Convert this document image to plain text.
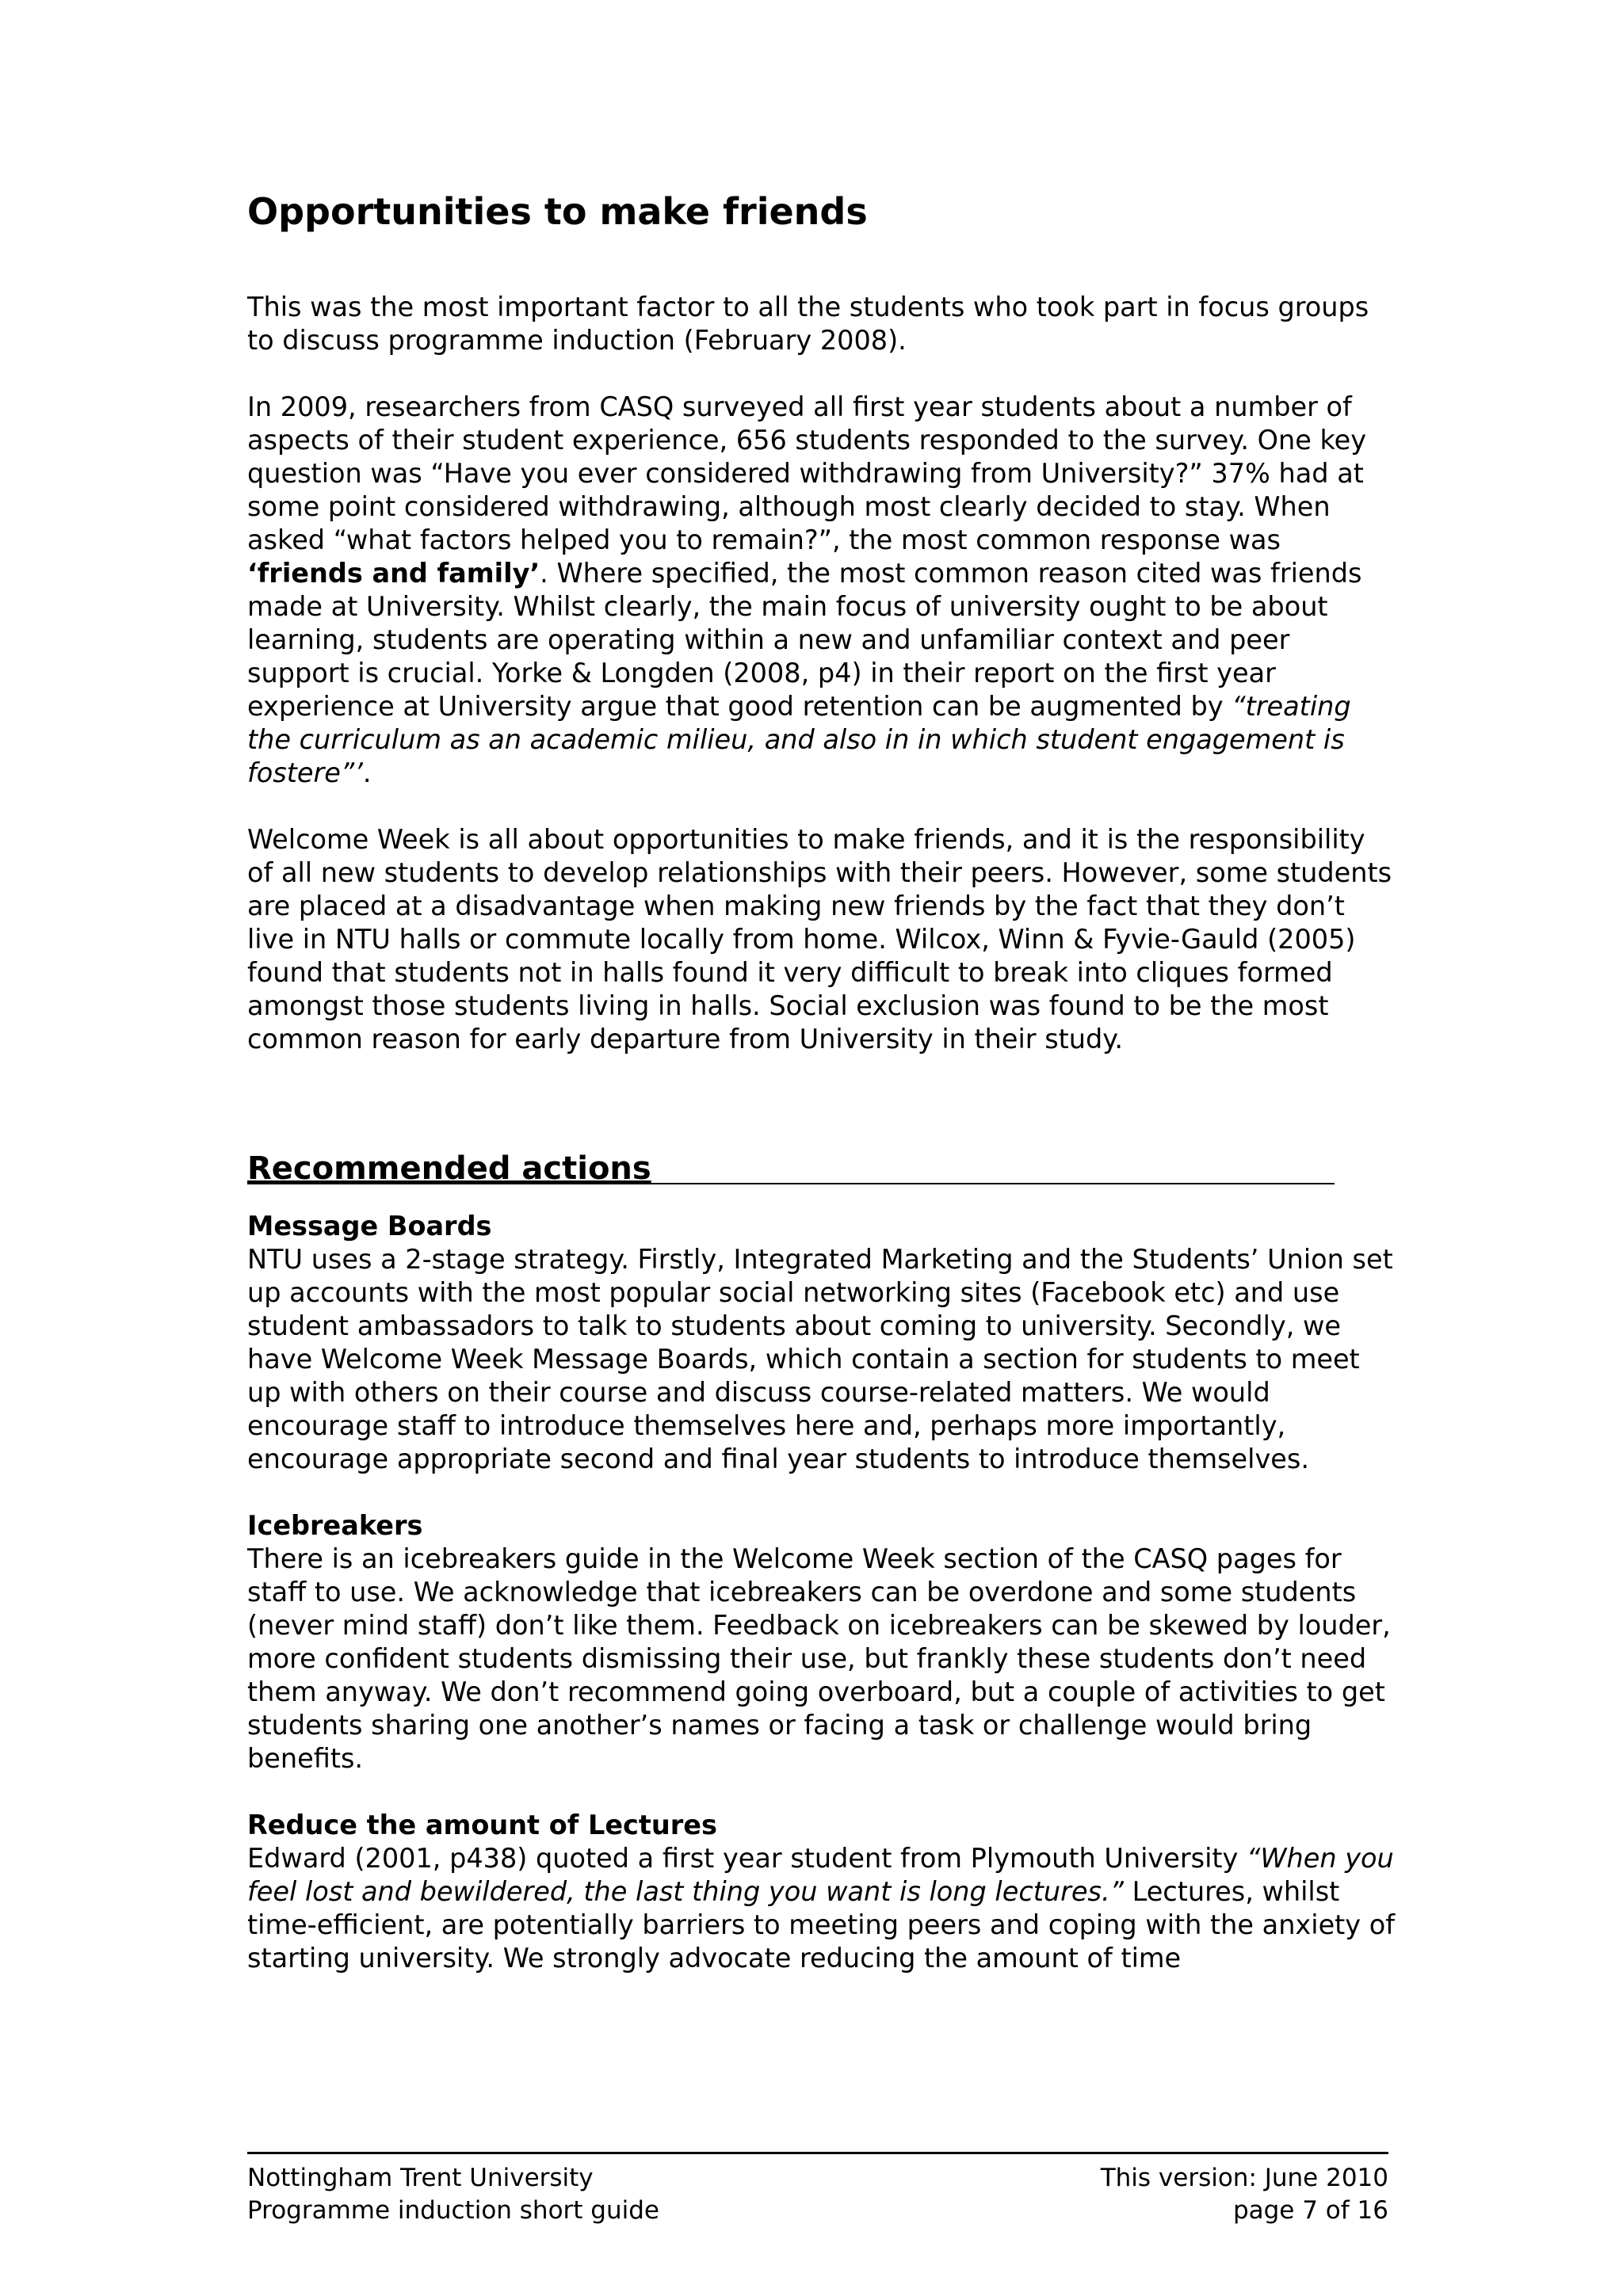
Opportunities to make friends

This was the most important factor to all the students who took part in focus groups to discuss programme induction (February 2008).

In 2009, researchers from CASQ surveyed all first year students about a number of aspects of their student experience, 656 students responded to the survey. One key question was “Have you ever considered withdrawing from University?” 37% had at some point considered withdrawing, although most clearly decided to stay. When asked “what factors helped you to remain?”, the most common response was ‘friends and family’. Where specified, the most common reason cited was friends made at University. Whilst clearly, the main focus of university ought to be about learning, students are operating within a new and unfamiliar context and peer support is crucial. Yorke & Longden (2008, p4) in their report on the first year experience at University argue that good retention can be augmented by “treating the curriculum as an academic milieu, and also in in which student engagement is fostere”’.

Welcome Week is all about opportunities to make friends, and it is the responsibility of all new students to develop relationships with their peers. However, some students are placed at a disadvantage when making new friends by the fact that they don’t live in NTU halls or commute locally from home. Wilcox, Winn & Fyvie-Gauld (2005) found that students not in halls found it very difficult to break into cliques formed amongst those students living in halls. Social exclusion was found to be the most common reason for early departure from University in their study.

Recommended actions

Message Boards

NTU uses a 2-stage strategy. Firstly, Integrated Marketing and the Students’ Union set up accounts with the most popular social networking sites (Facebook etc) and use student ambassadors to talk to students about coming to university. Secondly, we have Welcome Week Message Boards, which contain a section for students to meet up with others on their course and discuss course-related matters. We would encourage staff to introduce themselves here and, perhaps more importantly, encourage appropriate second and final year students to introduce themselves.

Icebreakers

There is an icebreakers guide in the Welcome Week section of the CASQ pages for staff to use. We acknowledge that icebreakers can be overdone and some students (never mind staff) don’t like them. Feedback on icebreakers can be skewed by louder, more confident students dismissing their use, but frankly these students don’t need them anyway. We don’t recommend going overboard, but a couple of activities to get students sharing one another’s names or facing a task or challenge would bring benefits.

Reduce the amount of Lectures

Edward (2001, p438) quoted a first year student from Plymouth University “When you feel lost and bewildered, the last thing you want is long lectures.” Lectures, whilst time-efficient, are potentially barriers to meeting peers and coping with the anxiety of starting university. We strongly advocate reducing the amount of time

Nottingham Trent University	This version: June 2010
Programme induction short guide	page 7 of 16
